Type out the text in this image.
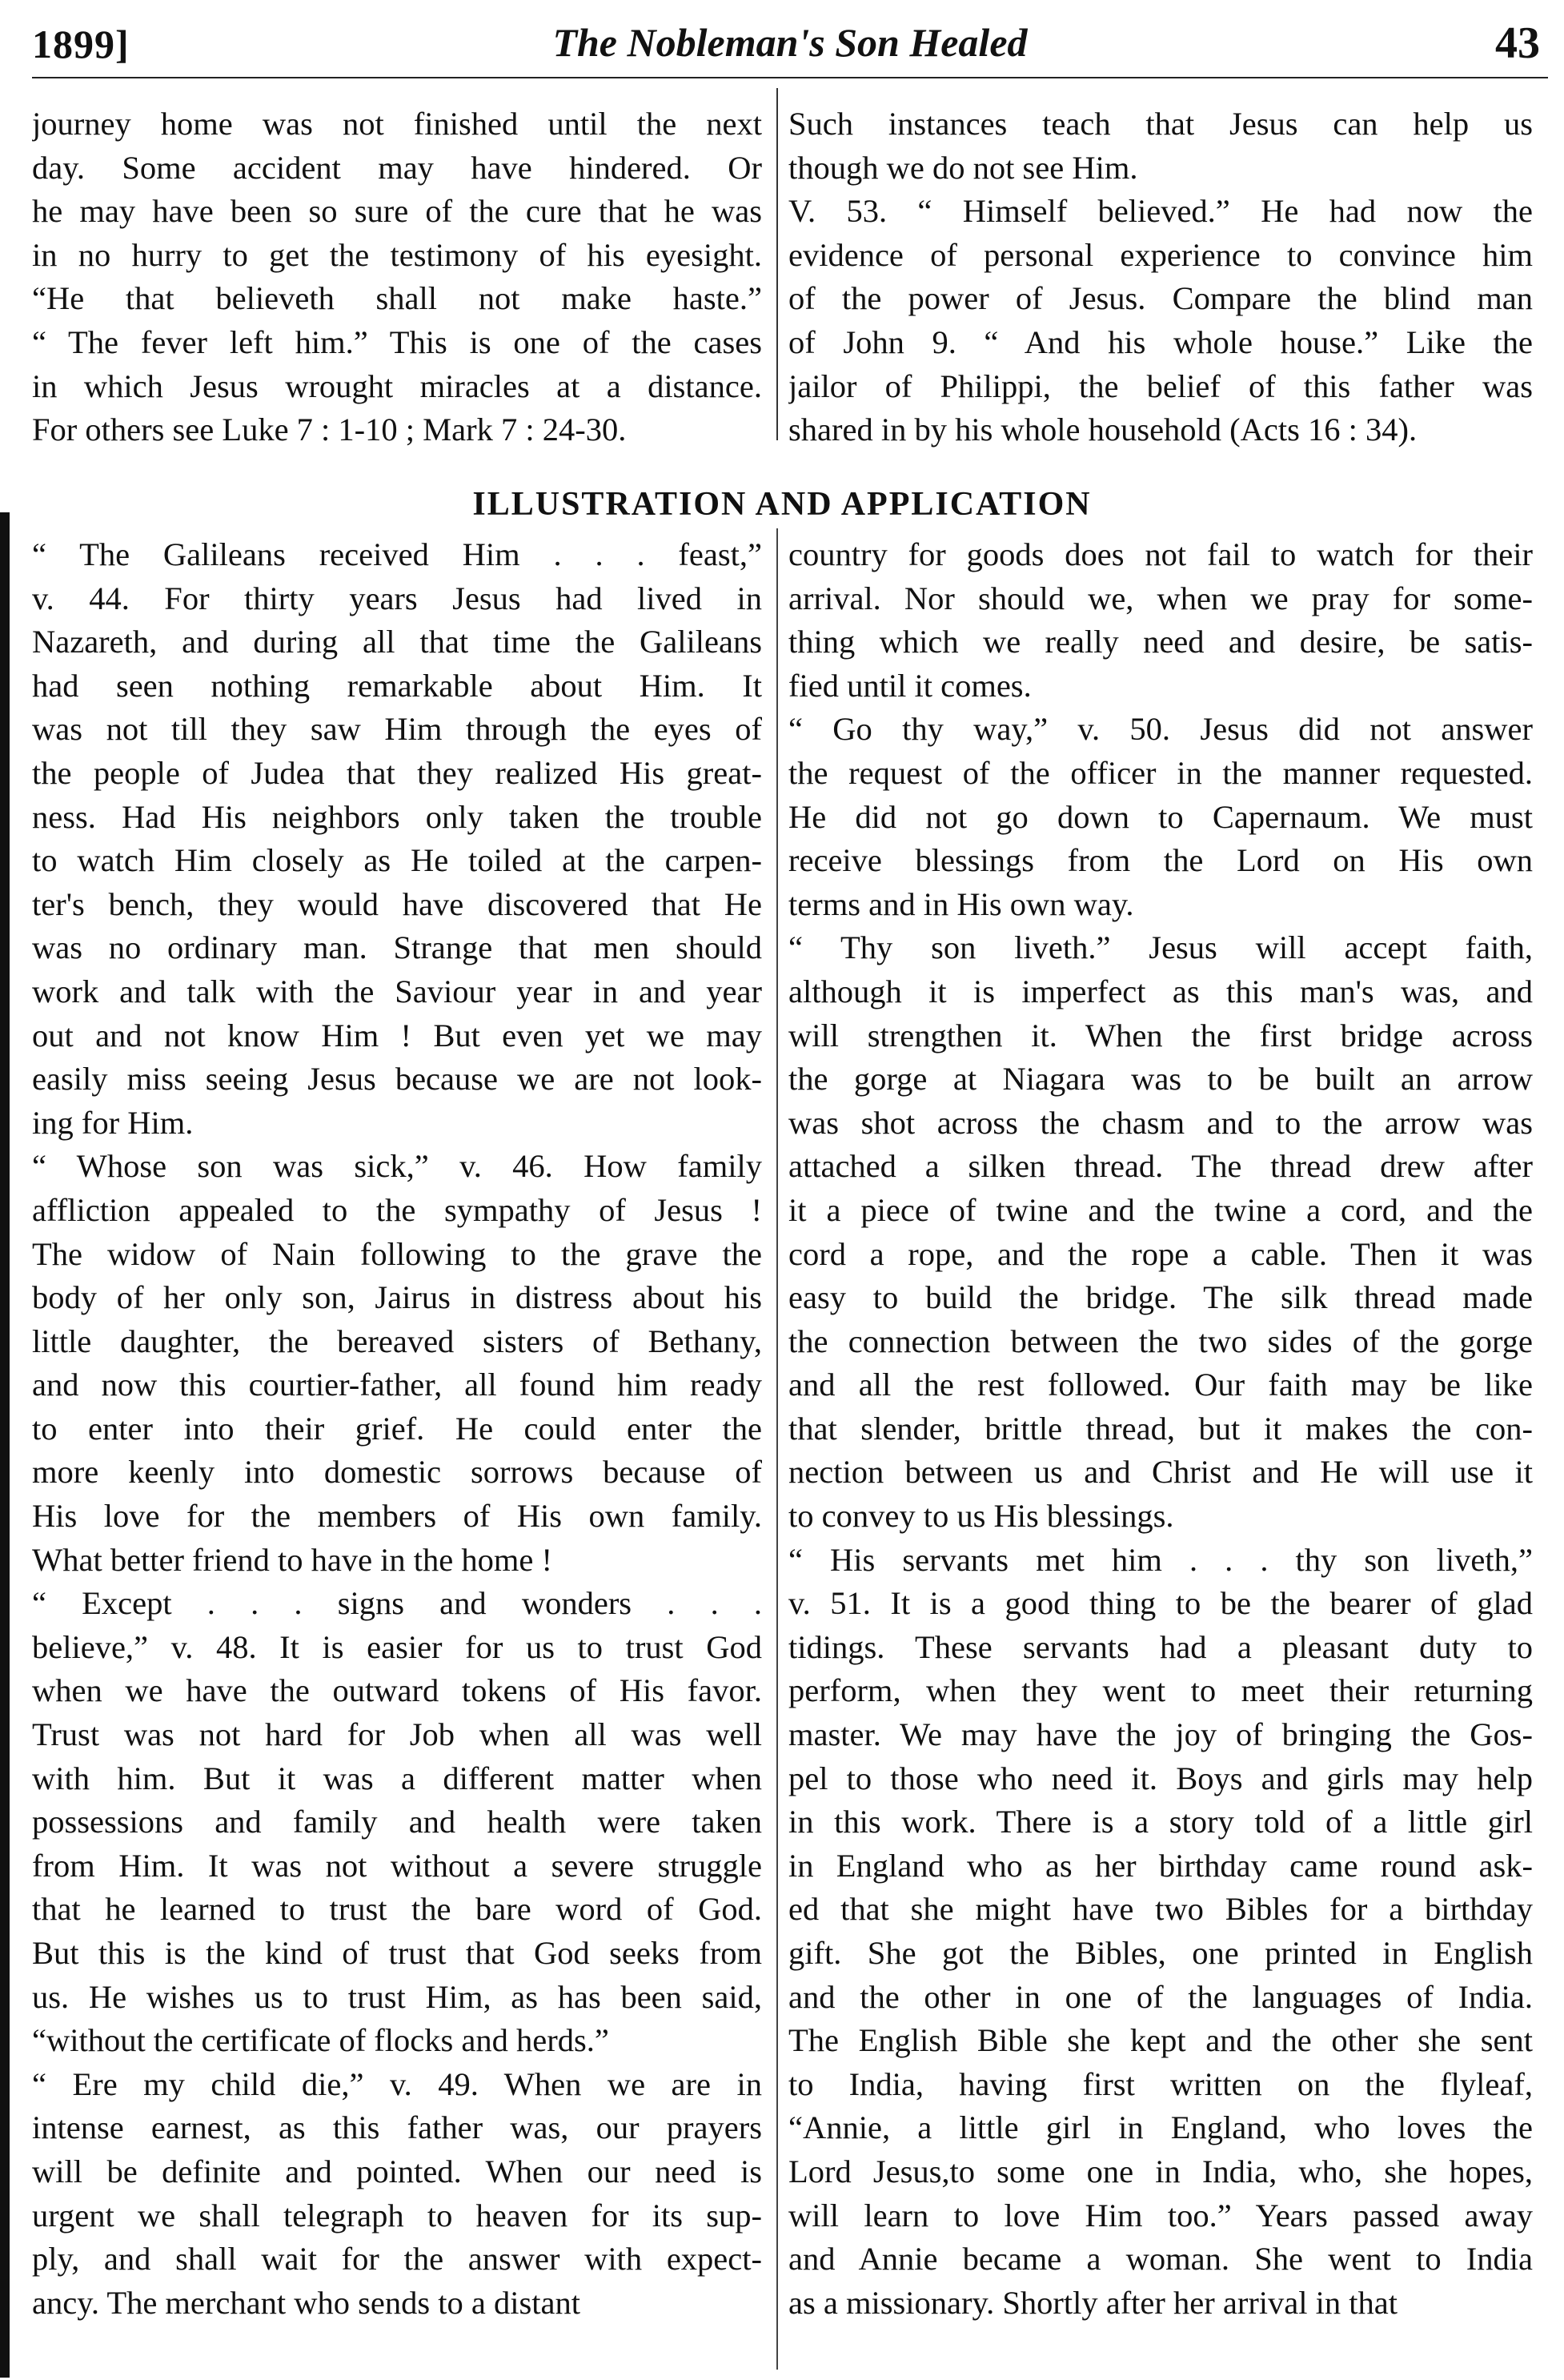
1899]	The Nobleman's Son Healed	43
journey home was not finished until the next
day. Some accident may have hindered. Or
he may have been so sure of the cure that he was
in no hurry to get the testimony of his eyesight.
“He that believeth shall not make haste.”
“ The fever left him.” This is one of the cases
in which Jesus wrought miracles at a distance.
For others see Luke 7 : 1-10 ; Mark 7 : 24-30.
Such instances teach that Jesus can help us
though we do not see Him.
V. 53. “ Himself believed.” He had now the
evidence of personal experience to convince him
of the power of Jesus. Compare the blind man
of John 9. “ And his whole house.” Like the
jailor of Philippi, the belief of this father was
shared in by his whole household (Acts 16 : 34).
ILLUSTRATION AND APPLICATION
“ The Galileans received Him . . . feast,”
v. 44. For thirty years Jesus had lived in
Nazareth, and during all that time the Galileans
had seen nothing remarkable about Him. It
was not till they saw Him through the eyes of
the people of Judea that they realized His great-
ness. Had His neighbors only taken the trouble
to watch Him closely as He toiled at the carpen-
ter's bench, they would have discovered that He
was no ordinary man. Strange that men should
work and talk with the Saviour year in and year
out and not know Him ! But even yet we may
easily miss seeing Jesus because we are not look-
ing for Him.
“ Whose son was sick,” v. 46. How family
affliction appealed to the sympathy of Jesus !
The widow of Nain following to the grave the
body of her only son, Jairus in distress about his
little daughter, the bereaved sisters of Bethany,
and now this courtier-father, all found him ready
to enter into their grief. He could enter the
more keenly into domestic sorrows because of
His love for the members of His own family.
What better friend to have in the home !
“ Except . . . signs and wonders . . .
believe,” v. 48. It is easier for us to trust God
when we have the outward tokens of His favor.
Trust was not hard for Job when all was well
with him. But it was a different matter when
possessions and family and health were taken
from Him. It was not without a severe struggle
that he learned to trust the bare word of God.
But this is the kind of trust that God seeks from
us. He wishes us to trust Him, as has been said,
“without the certificate of flocks and herds.”
“ Ere my child die,” v. 49. When we are in
intense earnest, as this father was, our prayers
will be definite and pointed. When our need is
urgent we shall telegraph to heaven for its sup-
ply, and shall wait for the answer with expect-
ancy. The merchant who sends to a distant
country for goods does not fail to watch for their
arrival. Nor should we, when we pray for some-
thing which we really need and desire, be satis-
fied until it comes.
“ Go thy way,” v. 50. Jesus did not answer
the request of the officer in the manner requested.
He did not go down to Capernaum. We must
receive blessings from the Lord on His own
terms and in His own way.
“ Thy son liveth.” Jesus will accept faith,
although it is imperfect as this man's was, and
will strengthen it. When the first bridge across
the gorge at Niagara was to be built an arrow
was shot across the chasm and to the arrow was
attached a silken thread. The thread drew after
it a piece of twine and the twine a cord, and the
cord a rope, and the rope a cable. Then it was
easy to build the bridge. The silk thread made
the connection between the two sides of the gorge
and all the rest followed. Our faith may be like
that slender, brittle thread, but it makes the con-
nection between us and Christ and He will use it
to convey to us His blessings.
“ His servants met him . . . thy son liveth,”
v. 51. It is a good thing to be the bearer of glad
tidings. These servants had a pleasant duty to
perform, when they went to meet their returning
master. We may have the joy of bringing the Gos-
pel to those who need it. Boys and girls may help
in this work. There is a story told of a little girl
in England who as her birthday came round ask-
ed that she might have two Bibles for a birthday
gift. She got the Bibles, one printed in English
and the other in one of the languages of India.
The English Bible she kept and the other she sent
to India, having first written on the flyleaf,
“Annie, a little girl in England, who loves the
Lord Jesus,to some one in India, who, she hopes,
will learn to love Him too.” Years passed away
and Annie became a woman. She went to India
as a missionary. Shortly after her arrival in that
